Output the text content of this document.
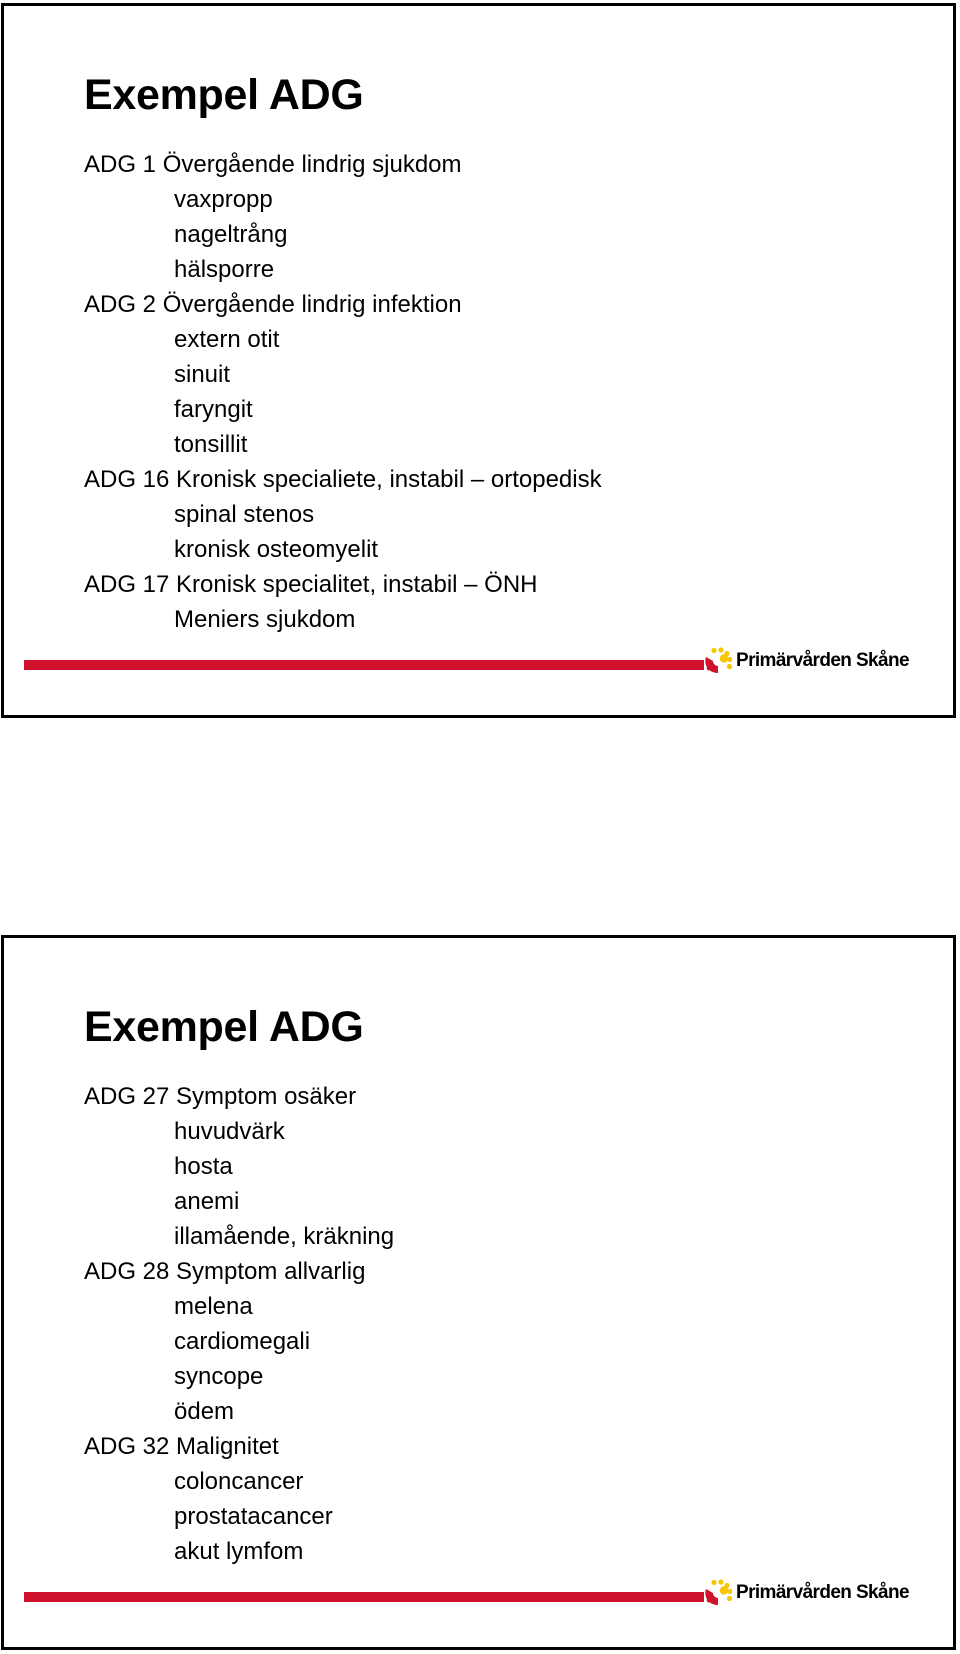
Exempel ADG
ADG 1 Övergående lindrig sjukdom
vaxpropp
nageltrång
hälsporre
ADG 2 Övergående lindrig infektion
extern otit
sinuit
faryngit
tonsillit
ADG 16 Kronisk specialiete, instabil – ortopedisk
spinal stenos
kronisk osteomyelit
ADG 17 Kronisk specialitet, instabil – ÖNH
Meniers sjukdom
Primärvården Skåne
Exempel ADG
ADG 27 Symptom osäker
huvudvärk
hosta
anemi
illamående, kräkning
ADG 28 Symptom allvarlig
melena
cardiomegali
syncope
ödem
ADG 32 Malignitet
coloncancer
prostatacancer
akut lymfom
Primärvården Skåne
